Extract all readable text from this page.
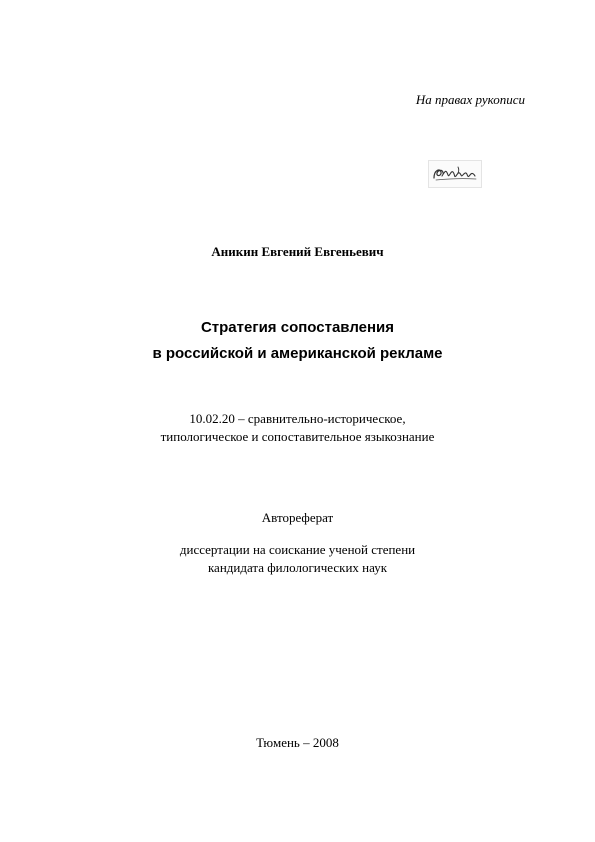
На правах рукописи
Аникин Евгений Евгеньевич
Стратегия сопоставления
в российской и американской рекламе
10.02.20 – сравнительно-историческое,
типологическое и сопоставительное языкознание
Автореферат
диссертации на соискание ученой степени
кандидата филологических наук
Тюмень – 2008
